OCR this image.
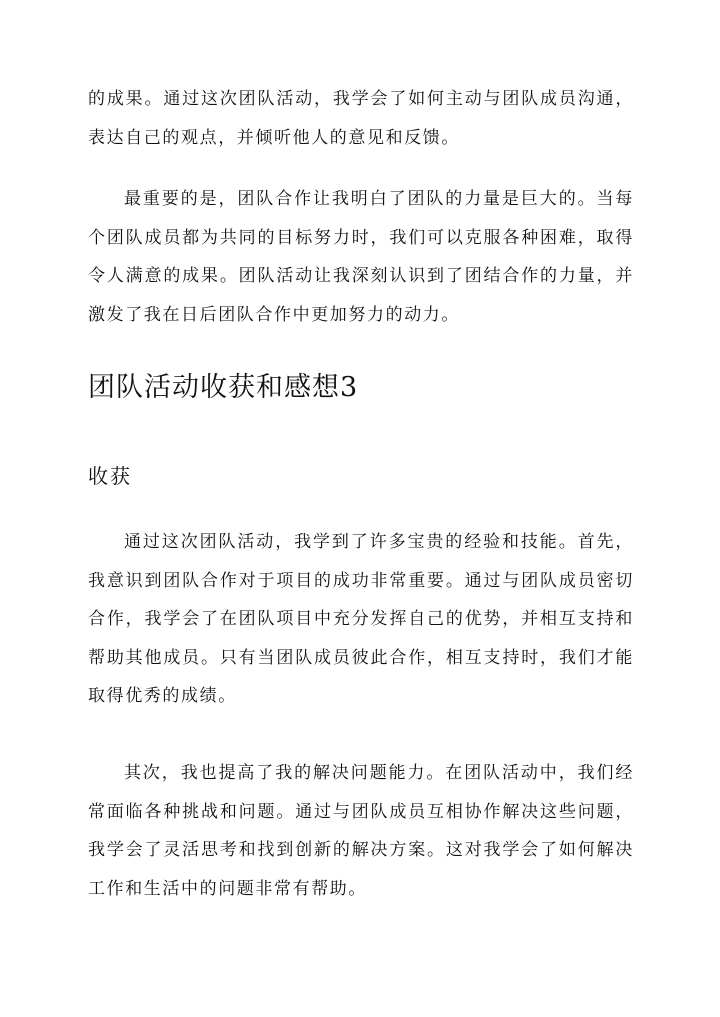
的成果。通过这次团队活动，我学会了如何主动与团队成员沟通，表达自己的观点，并倾听他人的意见和反馈。

最重要的是，团队合作让我明白了团队的力量是巨大的。当每个团队成员都为共同的目标努力时，我们可以克服各种困难，取得令人满意的成果。团队活动让我深刻认识到了团结合作的力量，并激发了我在日后团队合作中更加努力的动力。

团队活动收获和感想3
收获

通过这次团队活动，我学到了许多宝贵的经验和技能。首先，我意识到团队合作对于项目的成功非常重要。通过与团队成员密切合作，我学会了在团队项目中充分发挥自己的优势，并相互支持和帮助其他成员。只有当团队成员彼此合作，相互支持时，我们才能取得优秀的成绩。

其次，我也提高了我的解决问题能力。在团队活动中，我们经常面临各种挑战和问题。通过与团队成员互相协作解决这些问题，我学会了灵活思考和找到创新的解决方案。这对我学会了如何解决工作和生活中的问题非常有帮助。
